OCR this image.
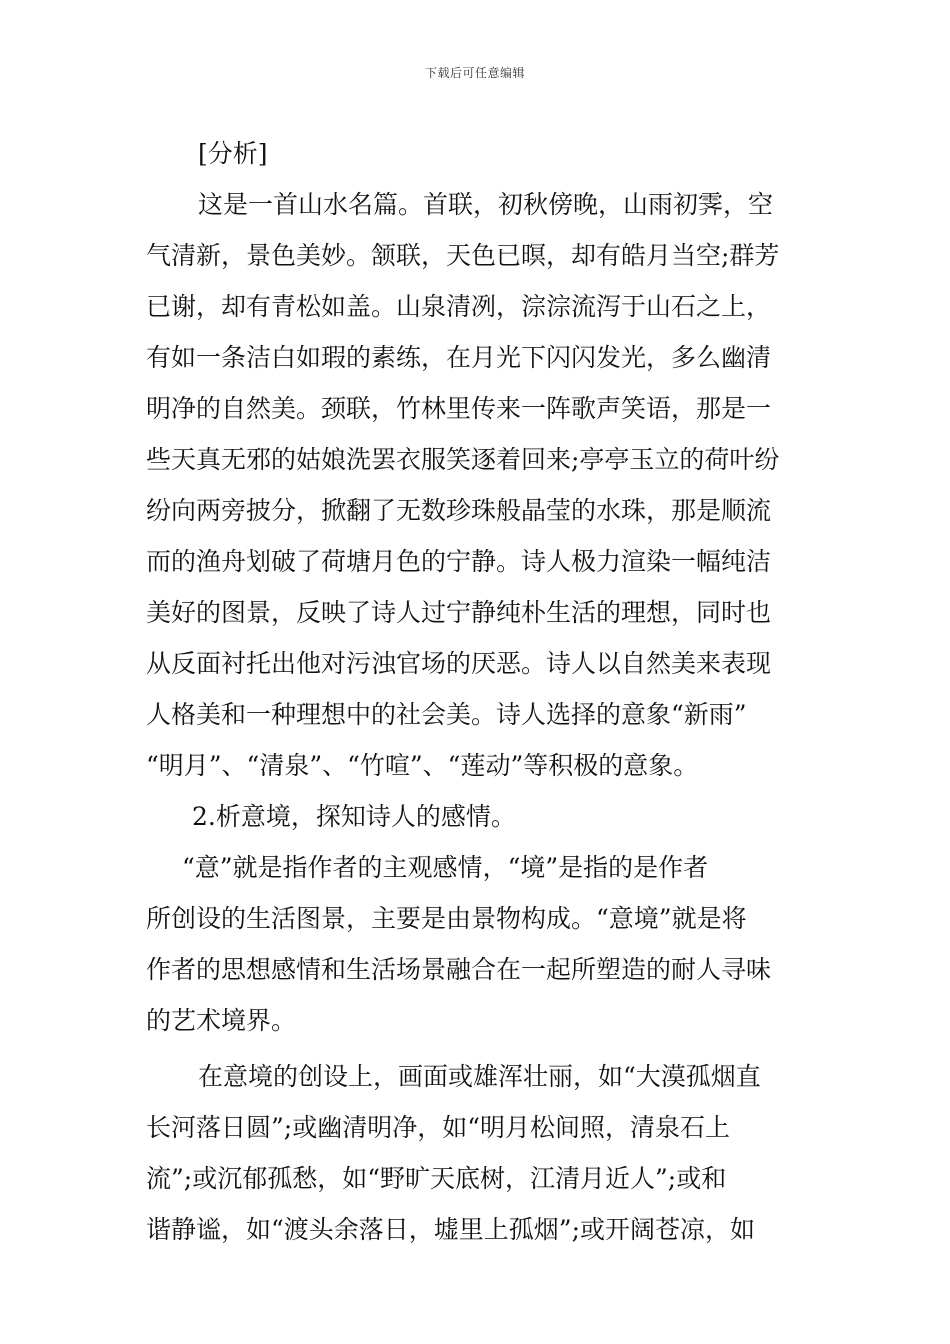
下载后可任意编辑
[分析]
这是一首山水名篇。首联，初秋傍晚，山雨初霁，空
气清新，景色美妙。颔联，天色已暝，却有皓月当空;群芳
已谢，却有青松如盖。山泉清冽，淙淙流泻于山石之上，
有如一条洁白如瑕的素练，在月光下闪闪发光，多么幽清
明净的自然美。颈联，竹林里传来一阵歌声笑语，那是一
些天真无邪的姑娘洗罢衣服笑逐着回来;亭亭玉立的荷叶纷
纷向两旁披分，掀翻了无数珍珠般晶莹的水珠，那是顺流
而的渔舟划破了荷塘月色的宁静。诗人极力渲染一幅纯洁
美好的图景，反映了诗人过宁静纯朴生活的理想，同时也
从反面衬托出他对污浊官场的厌恶。诗人以自然美来表现
人格美和一种理想中的社会美。诗人选择的意象“新雨”
“明月”、“清泉”、“竹喧”、“莲动”等积极的意象。
2.析意境，探知诗人的感情。
“意”就是指作者的主观感情，“境”是指的是作者
所创设的生活图景，主要是由景物构成。“意境”就是将
作者的思想感情和生活场景融合在一起所塑造的耐人寻味
的艺术境界。
在意境的创设上，画面或雄浑壮丽，如“大漠孤烟直
长河落日圆”;或幽清明净，如“明月松间照，清泉石上
流”;或沉郁孤愁，如“野旷天底树，江清月近人”;或和
谐静谧，如“渡头余落日，墟里上孤烟”;或开阔苍凉，如
